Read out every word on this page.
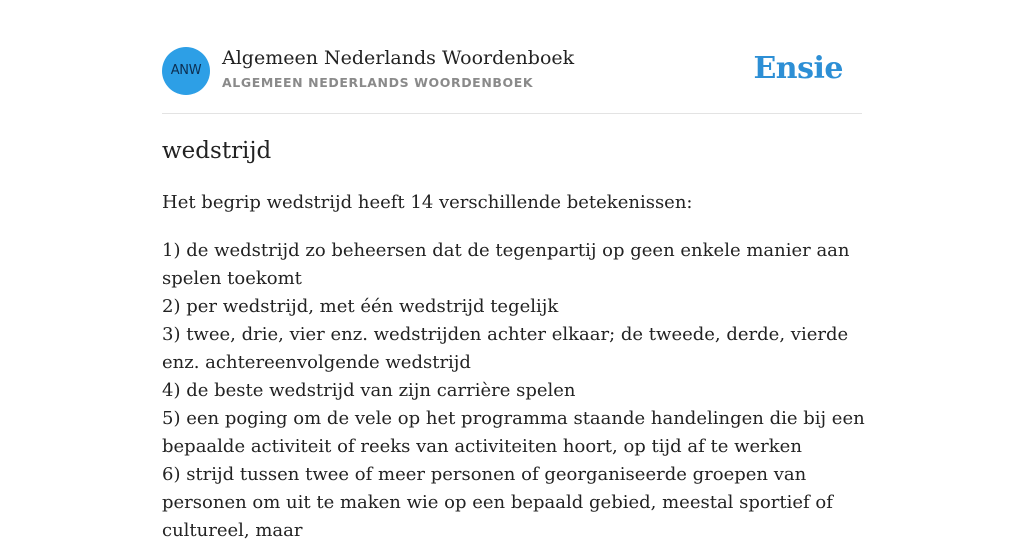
ANW
Algemeen Nederlands Woordenboek
ALGEMEEN NEDERLANDS WOORDENBOEK	Ensie
wedstrijd

Het begrip wedstrijd heeft 14 verschillende betekenissen:

1) de wedstrijd zo beheersen dat de tegenpartij op geen enkele manier aan spelen toekomt
2) per wedstrijd, met één wedstrijd tegelijk
3) twee, drie, vier enz. wedstrijden achter elkaar; de tweede, derde, vierde enz. achtereenvolgende wedstrijd
4) de beste wedstrijd van zijn carrière spelen
5) een poging om de vele op het programma staande handelingen die bij een bepaalde activiteit of reeks van activiteiten hoort, op tijd af te werken
6) strijd tussen twee of meer personen of georganiseerde groepen van personen om uit te maken wie op een bepaald gebied, meestal sportief of cultureel, maar
